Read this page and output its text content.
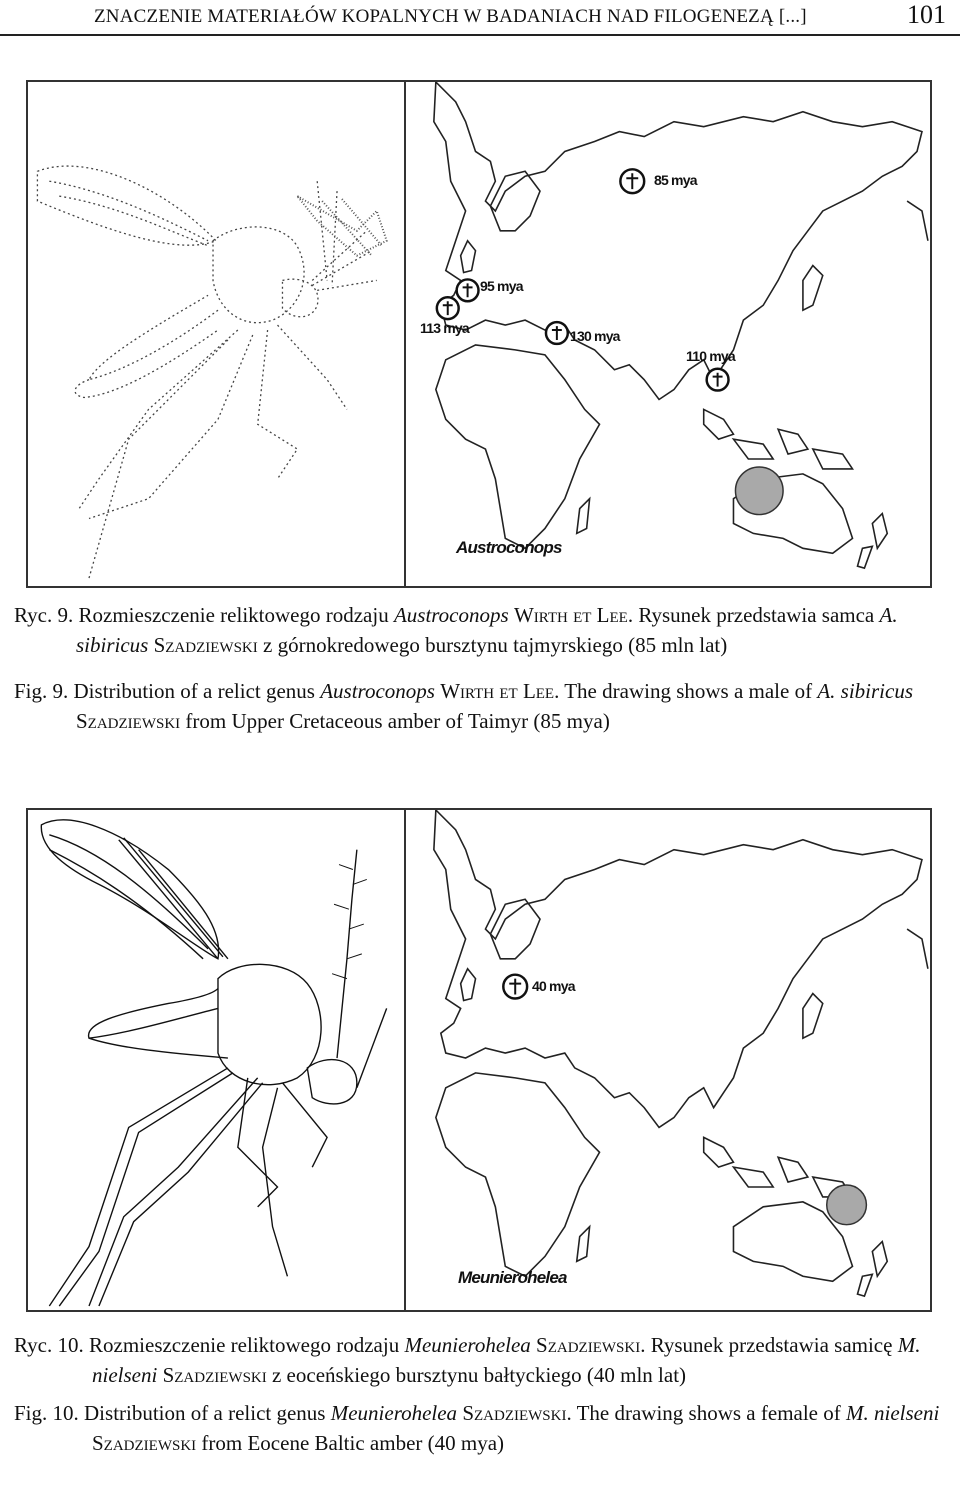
ZNACZENIE MATERIAŁÓW KOPALNYCH W BADANIACH NAD FILOGENEZĄ [...]	101
85 mya
95 mya
113 mya	130 mya
110 mya
Austroconops

Ryc. 9. Rozmieszczenie reliktowego rodzaju Austroconops Wirth et Lee. Rysunek przedstawia samca A. sibiricus Szadziewski z górnokredowego bursztynu tajmyrskiego (85 mln lat)

Fig. 9. Distribution of a relict genus Austroconops Wirth et Lee. The drawing shows a male of A. sibiricus Szadziewski from Upper Cretaceous amber of Taimyr (85 mya)

40 mya
Meunierohelea

Ryc. 10. Rozmieszczenie reliktowego rodzaju Meunierohelea Szadziewski. Rysunek przedstawia samicę M. nielseni Szadziewski z eoceńskiego bursztynu bałtyckiego (40 mln lat)

Fig. 10. Distribution of a relict genus Meunierohelea Szadziewski. The drawing shows a female of M. nielseni Szadziewski from Eocene Baltic amber (40 mya)
